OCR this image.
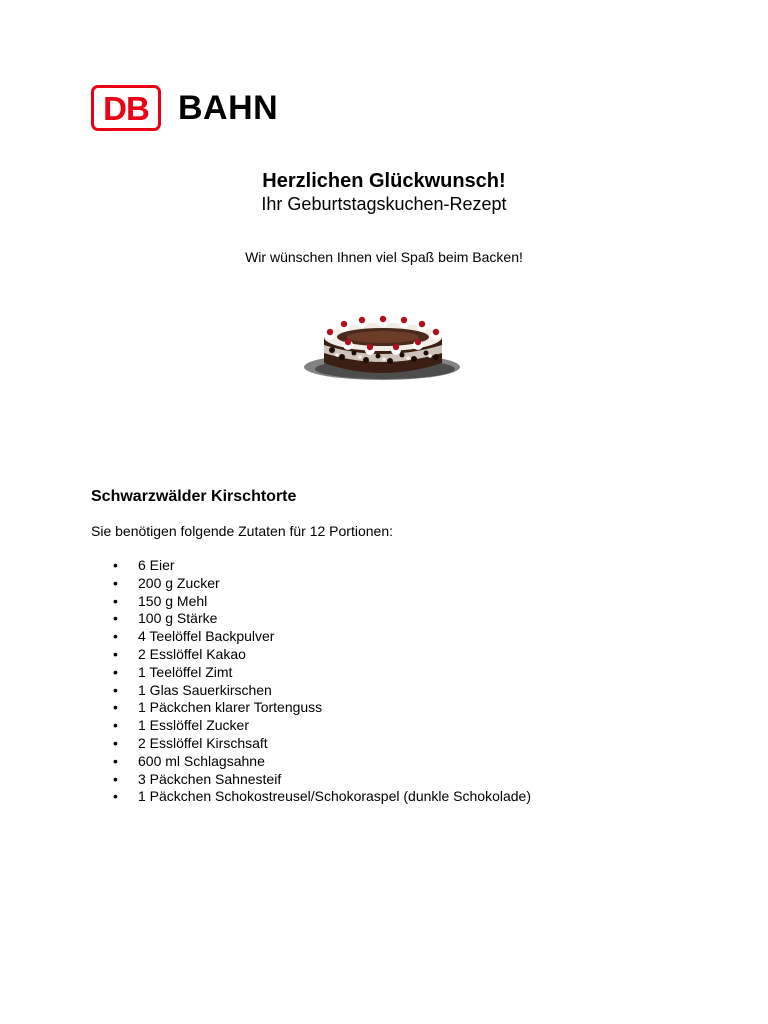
DB BAHN
Herzlichen Glückwunsch!
Ihr Geburtstagskuchen-Rezept
Wir wünschen Ihnen viel Spaß beim Backen!
Schwarzwälder Kirschtorte
Sie benötigen folgende Zutaten für 12 Portionen:
• 6 Eier
• 200 g Zucker
• 150 g Mehl
• 100 g Stärke
• 4 Teelöffel Backpulver
• 2 Esslöffel Kakao
• 1 Teelöffel Zimt
• 1 Glas Sauerkirschen
• 1 Päckchen klarer Tortenguss
• 1 Esslöffel Zucker
• 2 Esslöffel Kirschsaft
• 600 ml Schlagsahne
• 3 Päckchen Sahnesteif
• 1 Päckchen Schokostreusel/Schokoraspel (dunkle Schokolade)
